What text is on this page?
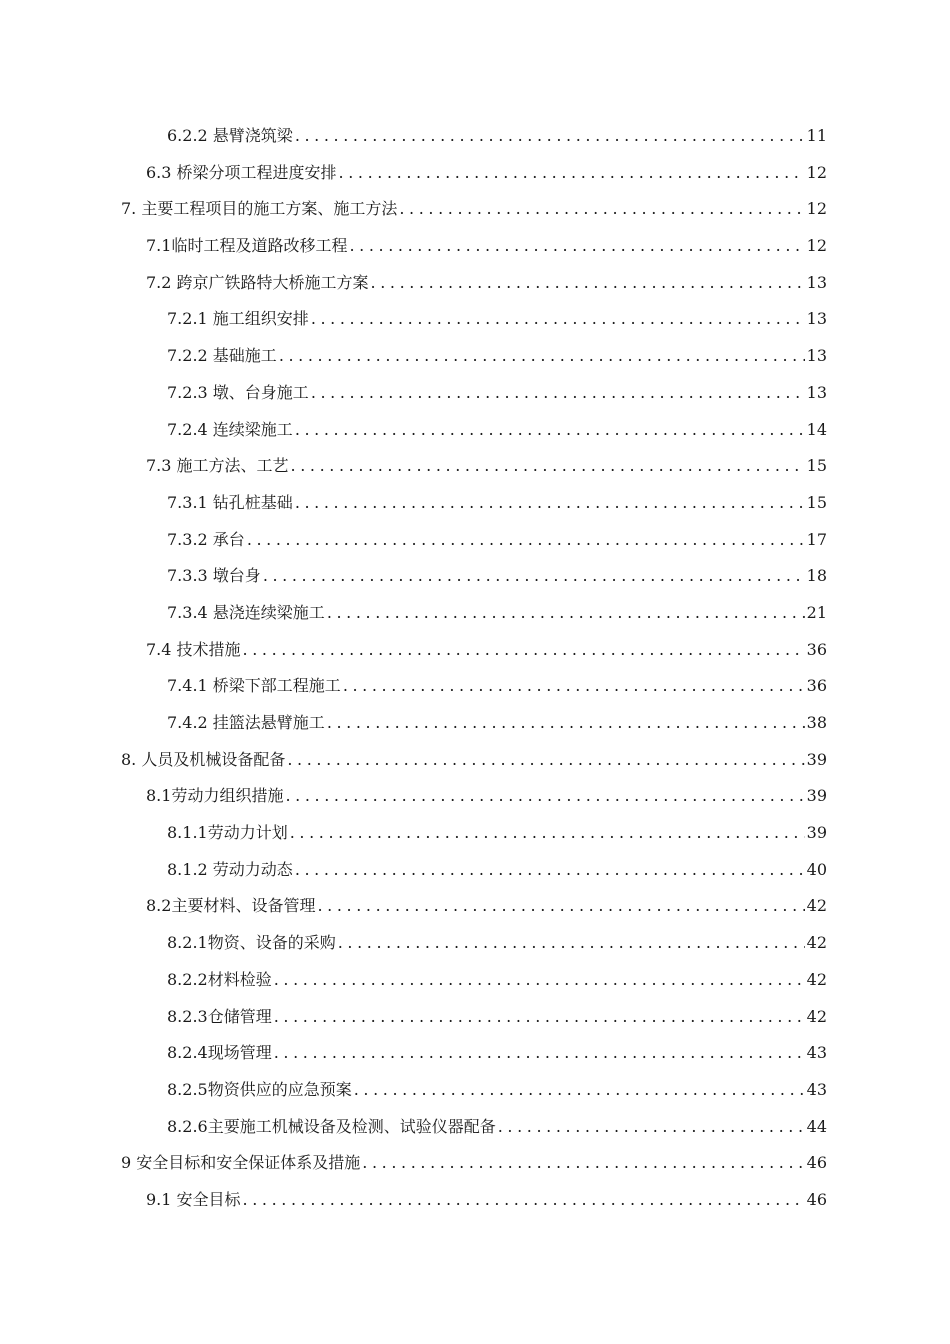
6.2.2 悬臂浇筑梁 .....	11
6.3 桥梁分项工程进度安排 .....	12
7. 主要工程项目的施工方案、施工方法 .....	12
7.1临时工程及道路改移工程 .....	12
7.2 跨京广铁路特大桥施工方案 .....	13
7.2.1 施工组织安排 .....	13
7.2.2 基础施工 .....	13
7.2.3 墩、台身施工 .....	13
7.2.4 连续梁施工 .....	14
7.3 施工方法、工艺 .....	15
7.3.1 钻孔桩基础 .....	15
7.3.2 承台 .....	17
7.3.3 墩台身 .....	18
7.3.4 悬浇连续梁施工 .....	21
7.4 技术措施 .....	36
7.4.1 桥梁下部工程施工 .....	36
7.4.2 挂篮法悬臂施工 .....	38
8. 人员及机械设备配备 .....	39
8.1劳动力组织措施 .....	39
8.1.1劳动力计划 .....	39
8.1.2 劳动力动态 .....	40
8.2主要材料、设备管理 .....	42
8.2.1物资、设备的采购 .....	42
8.2.2材料检验 .....	42
8.2.3仓储管理 .....	42
8.2.4现场管理 .....	43
8.2.5物资供应的应急预案 .....	43
8.2.6主要施工机械设备及检测、试验仪器配备 .....	44
9 安全目标和安全保证体系及措施 .....	46
9.1 安全目标 .....	46
